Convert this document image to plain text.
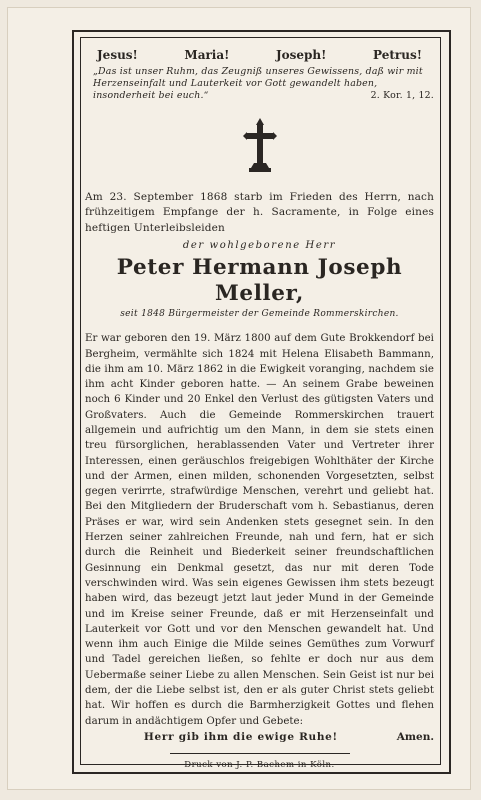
Jesus!	Maria!	Joseph!	Petrus!
„Das ist unser Ruhm, das Zeugniß unseres Gewissens, daß wir mit Herzenseinfalt und Lauterkeit vor Gott gewandelt haben, insonderheit bei euch.“	2. Kor. 1, 12.
Am 23. September 1868 starb im Frieden des Herrn, nach frühzeitigem Empfange der h. Sacramente, in Folge eines heftigen Unterleibsleiden
der wohlgeborene Herr
Peter Hermann Joseph Meller,
seit 1848 Bürgermeister der Gemeinde Rommerskirchen.
Er war geboren den 19. März 1800 auf dem Gute Brokkendorf bei Bergheim, vermählte sich 1824 mit Helena Elisabeth Bammann, die ihm am 10. März 1862 in die Ewigkeit voranging, nachdem sie ihm acht Kinder geboren hatte. — An seinem Grabe beweinen noch 6 Kinder und 20 Enkel den Verlust des gütigsten Vaters und Großvaters. Auch die Gemeinde Rommerskirchen trauert allgemein und aufrichtig um den Mann, in dem sie stets einen treu fürsorglichen, herablassenden Vater und Vertreter ihrer Interessen, einen geräuschlos freigebigen Wohlthäter der Kirche und der Armen, einen milden, schonenden Vorgesetzten, selbst gegen verirrte, strafwürdige Menschen, verehrt und geliebt hat. Bei den Mitgliedern der Bruderschaft vom h. Sebastianus, deren Präses er war, wird sein Andenken stets gesegnet sein. In den Herzen seiner zahlreichen Freunde, nah und fern, hat er sich durch die Reinheit und Biederkeit seiner freundschaftlichen Gesinnung ein Denkmal gesetzt, das nur mit deren Tode verschwinden wird. Was sein eigenes Gewissen ihm stets bezeugt haben wird, das bezeugt jetzt laut jeder Mund in der Gemeinde und im Kreise seiner Freunde, daß er mit Herzenseinfalt und Lauterkeit vor Gott und vor den Menschen gewandelt hat. Und wenn ihm auch Einige die Milde seines Gemüthes zum Vorwurf und Tadel gereichen ließen, so fehlte er doch nur aus dem Uebermaße seiner Liebe zu allen Menschen. Sein Geist ist nur bei dem, der die Liebe selbst ist, den er als guter Christ stets geliebt hat. Wir hoffen es durch die Barmherzigkeit Gottes und flehen darum in andächtigem Opfer und Gebete:
Herr gib ihm die ewige Ruhe!	Amen.
Druck von J. P. Bachem in Köln.
